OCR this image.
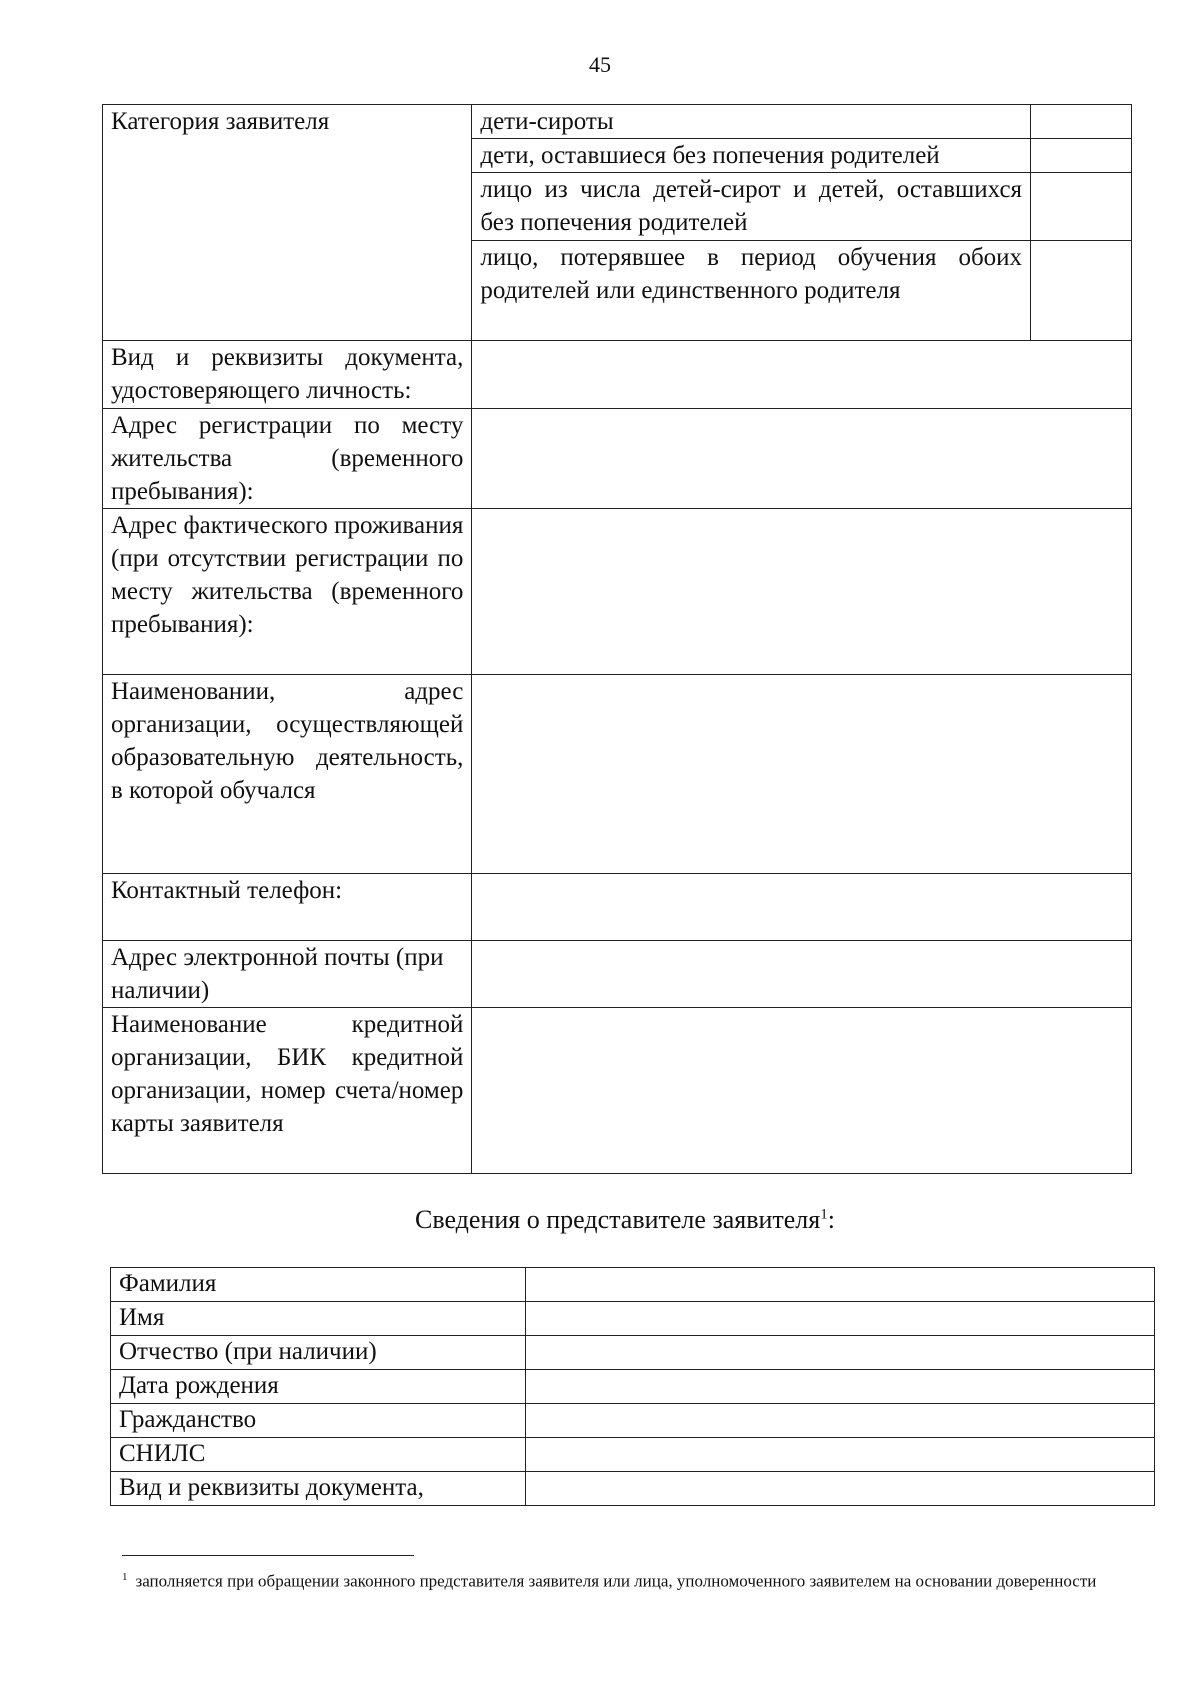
45
Категория заявителя	дети-сироты	
	дети, оставшиеся без попечения родителей	
	лицо из числа детей-сирот и детей, оставшихся без попечения родителей	
	лицо, потерявшее в период обучения обоих родителей или единственного родителя	
Вид и реквизиты документа, удостоверяющего личность:		
Адрес регистрации по месту жительства (временного пребывания):		
Адрес фактического проживания (при отсутствии регистрации по месту жительства (временного пребывания):		
Наименовании, адрес организации, осуществляющей образовательную деятельность, в которой обучался		
Контактный телефон:		
Адрес электронной почты (при наличии)		
Наименование кредитной организации, БИК кредитной организации, номер счета/номер карты заявителя		
Сведения о представителе заявителя$^1$:
Фамилия	
Имя	
Отчество (при наличии)	
Дата рождения	
Гражданство	
СНИЛС	
Вид и реквизиты документа,	
$^1$ заполняется при обращении законного представителя заявителя или лица, уполномоченного заявителем на основании доверенности
